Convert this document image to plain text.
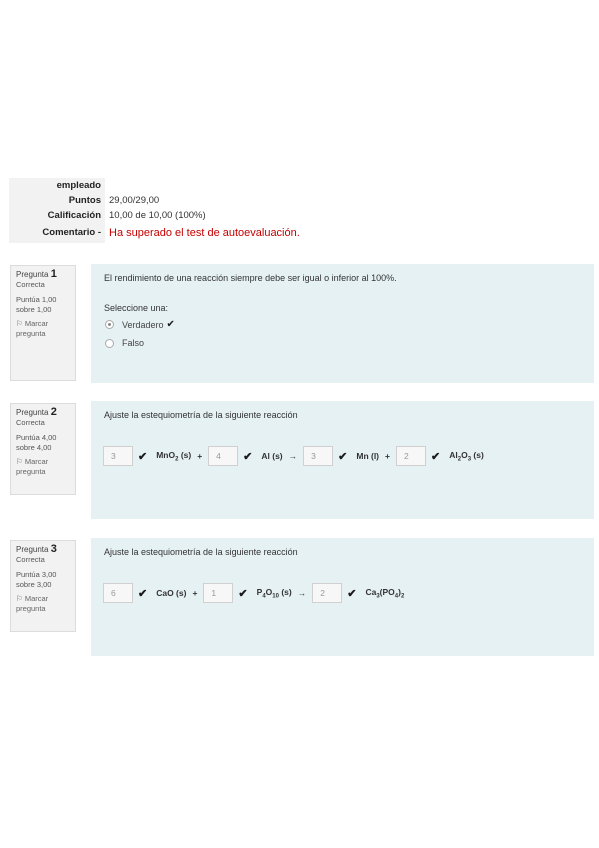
empleado
Puntos 29,00/29,00
Calificación 10,00 de 10,00 (100%)
Comentario - Ha superado el test de autoevaluación.
Pregunta 1
Correcta
Puntúa 1,00
sobre 1,00
⚐ Marcar
pregunta
El rendimiento de una reacción siempre debe ser igual o inferior al 100%.
Seleccione una:
Verdadero ✔
Falso
Pregunta 2
Correcta
Puntúa 4,00
sobre 4,00
⚐ Marcar
pregunta
Ajuste la estequiometría de la siguiente reacción
3	✔ MnO$_2$ (s) +	4	✔ Al (s) →	3	✔ Mn (l) +	2	✔ $Al_2O_3$ (s)
Pregunta 3
Correcta
Puntúa 3,00
sobre 3,00
⚐ Marcar
pregunta
Ajuste la estequiometría de la siguiente reacción
6	✔ CaO (s) +	1	✔ $P_4O_{10}$ (s) →	2	✔ $Ca_3(PO_4)_2$
